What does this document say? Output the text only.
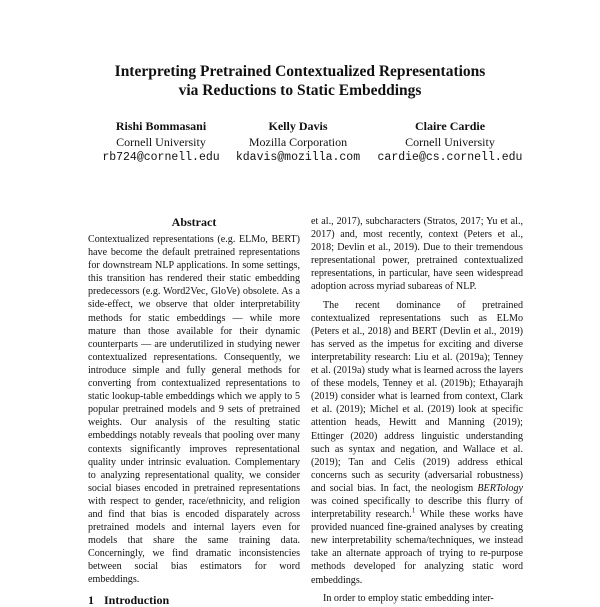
Interpreting Pretrained Contextualized Representations
via Reductions to Static Embeddings
Rishi Bommasani
Cornell University
rb724@cornell.edu
Kelly Davis
Mozilla Corporation
kdavis@mozilla.com
Claire Cardie
Cornell University
cardie@cs.cornell.edu
Abstract

Contextualized representations (e.g. ELMo, BERT) have become the default pretrained representations for downstream NLP applications. In some settings, this transition has rendered their static embedding predecessors (e.g. Word2Vec, GloVe) obsolete. As a side-effect, we observe that older interpretability methods for static embeddings — while more mature than those available for their dynamic counterparts — are underutilized in studying newer contextualized representations. Consequently, we introduce simple and fully general methods for converting from contextualized representations to static lookup-table embeddings which we apply to 5 popular pretrained models and 9 sets of pretrained weights. Our analysis of the resulting static embeddings notably reveals that pooling over many contexts significantly improves representational quality under intrinsic evaluation. Complementary to analyzing representational quality, we consider social biases encoded in pretrained representations with respect to gender, race/ethnicity, and religion and find that bias is encoded disparately across pretrained models and internal layers even for models that share the same training data. Concerningly, we find dramatic inconsistencies between social bias estimators for word embeddings.

1 Introduction

et al., 2017), subcharacters (Stratos, 2017; Yu et al., 2017) and, most recently, context (Peters et al., 2018; Devlin et al., 2019). Due to their tremendous representational power, pretrained contextualized representations, in particular, have seen widespread adoption across myriad subareas of NLP.

The recent dominance of pretrained contextualized representations such as ELMo (Peters et al., 2018) and BERT (Devlin et al., 2019) has served as the impetus for exciting and diverse interpretability research: Liu et al. (2019a); Tenney et al. (2019a) study what is learned across the layers of these models, Tenney et al. (2019b); Ethayarajh (2019) consider what is learned from context, Clark et al. (2019); Michel et al. (2019) look at specific attention heads, Hewitt and Manning (2019); Ettinger (2020) address linguistic understanding such as syntax and negation, and Wallace et al. (2019); Tan and Celis (2019) address ethical concerns such as security (adversarial robustness) and social bias. In fact, the neologism BERTology was coined specifically to describe this flurry of interpretability research.$^1$ While these works have provided nuanced fine-grained analyses by creating new interpretability schema/techniques, we instead take an alternate approach of trying to re-purpose methods developed for analyzing static word embeddings.

In order to employ static embedding inter-
